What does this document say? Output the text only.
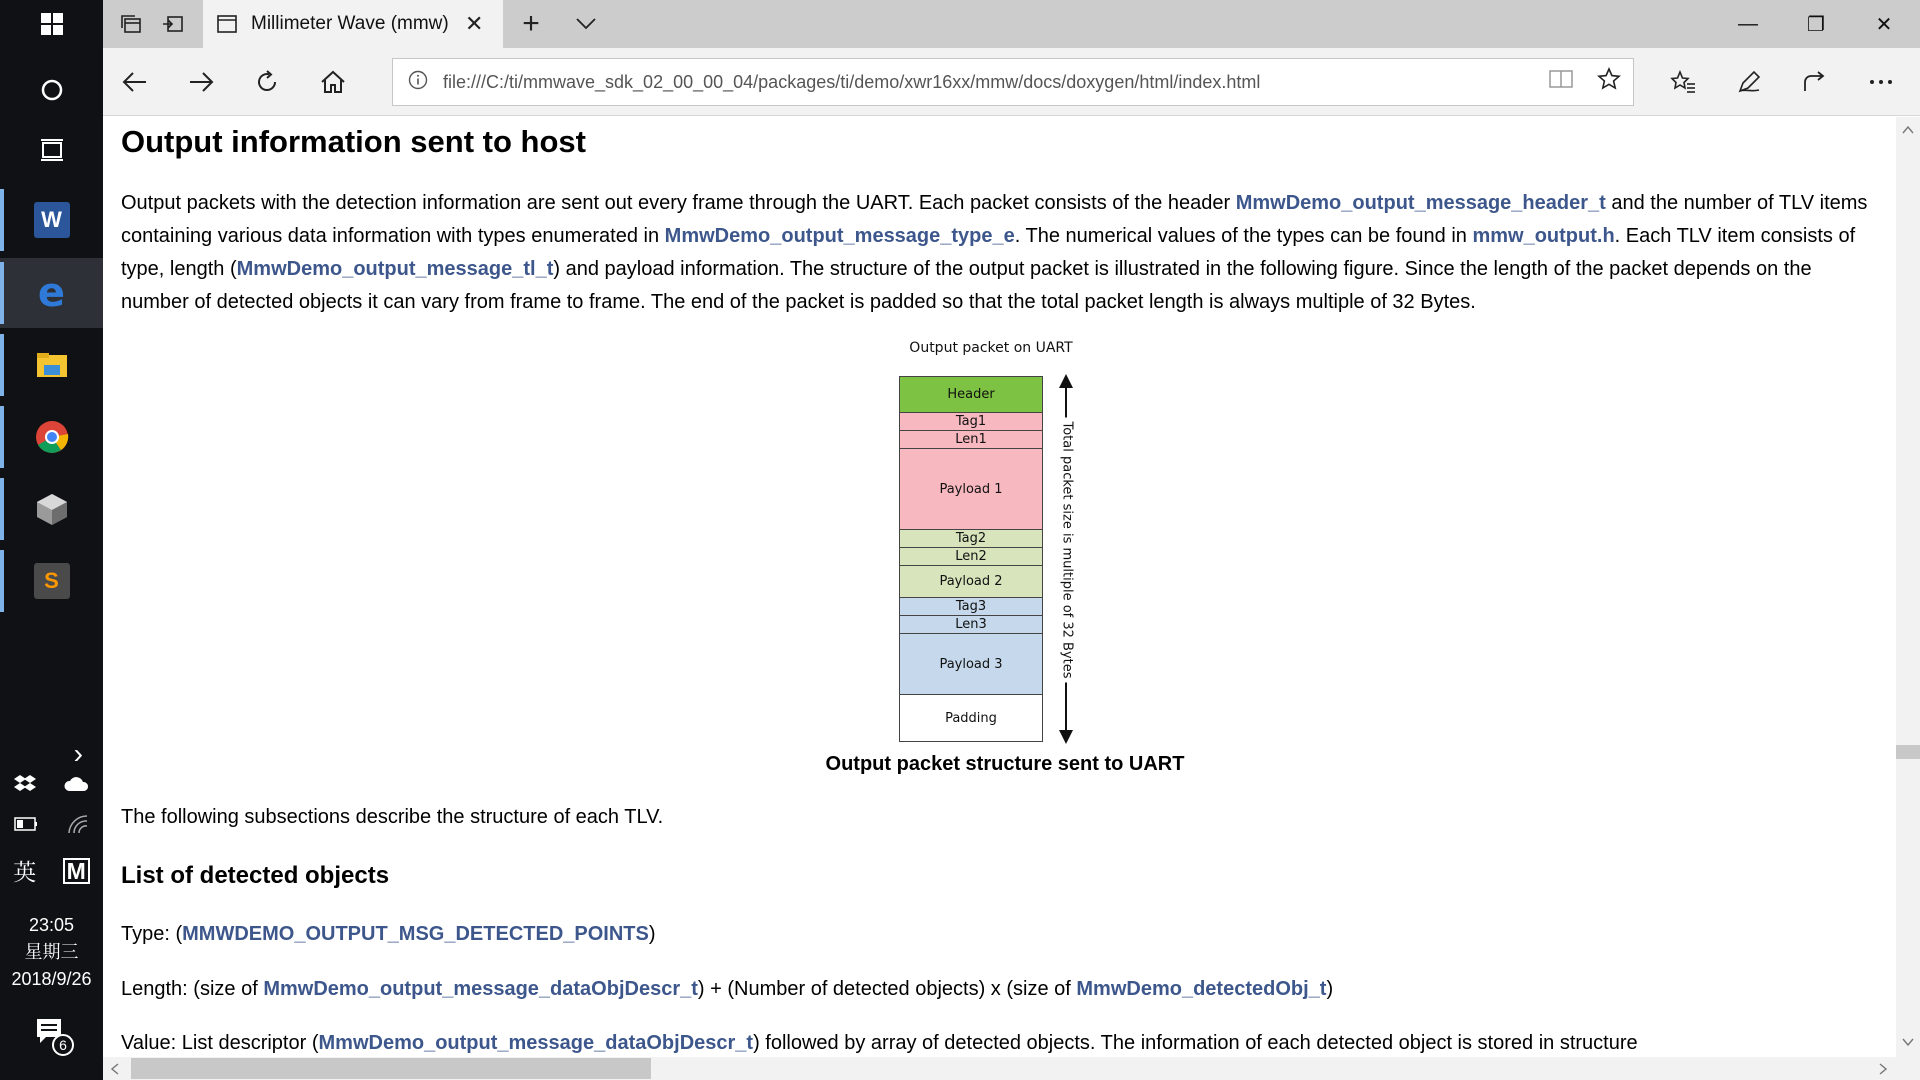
W
e
S
›
英 M
23:05
星期三
2018/9/26
6
Millimeter Wave (mmw) ✕ +	— ❐	✕
file:///C:/ti/mmwave_sdk_02_00_00_04/packages/ti/demo/xwr16xx/mmw/docs/doxygen/html/index.html
Output information sent to host

Output packets with the detection information are sent out every frame through the UART. Each packet consists of the header MmwDemo_output_message_header_t and the number of TLV items containing various data information with types enumerated in MmwDemo_output_message_type_e. The numerical values of the types can be found in mmw_output.h. Each TLV item consists of type, length (MmwDemo_output_message_tl_t) and payload information. The structure of the output packet is illustrated in the following figure. Since the length of the packet depends on the number of detected objects it can vary from frame to frame. The end of the packet is padded so that the total packet length is always multiple of 32 Bytes.

Output packet on UART
Header
Tag1
Len1
Payload 1
Tag2
Len2
Payload 2
Tag3
Len3
Payload 3
Padding
Total packet size is multiple of 32 Bytes
Output packet structure sent to UART

The following subsections describe the structure of each TLV.

List of detected objects

Type: (MMWDEMO_OUTPUT_MSG_DETECTED_POINTS)

Length: (size of MmwDemo_output_message_dataObjDescr_t) + (Number of detected objects) x (size of MmwDemo_detectedObj_t)

Value: List descriptor (MmwDemo_output_message_dataObjDescr_t) followed by array of detected objects. The information of each detected object is stored in structure
